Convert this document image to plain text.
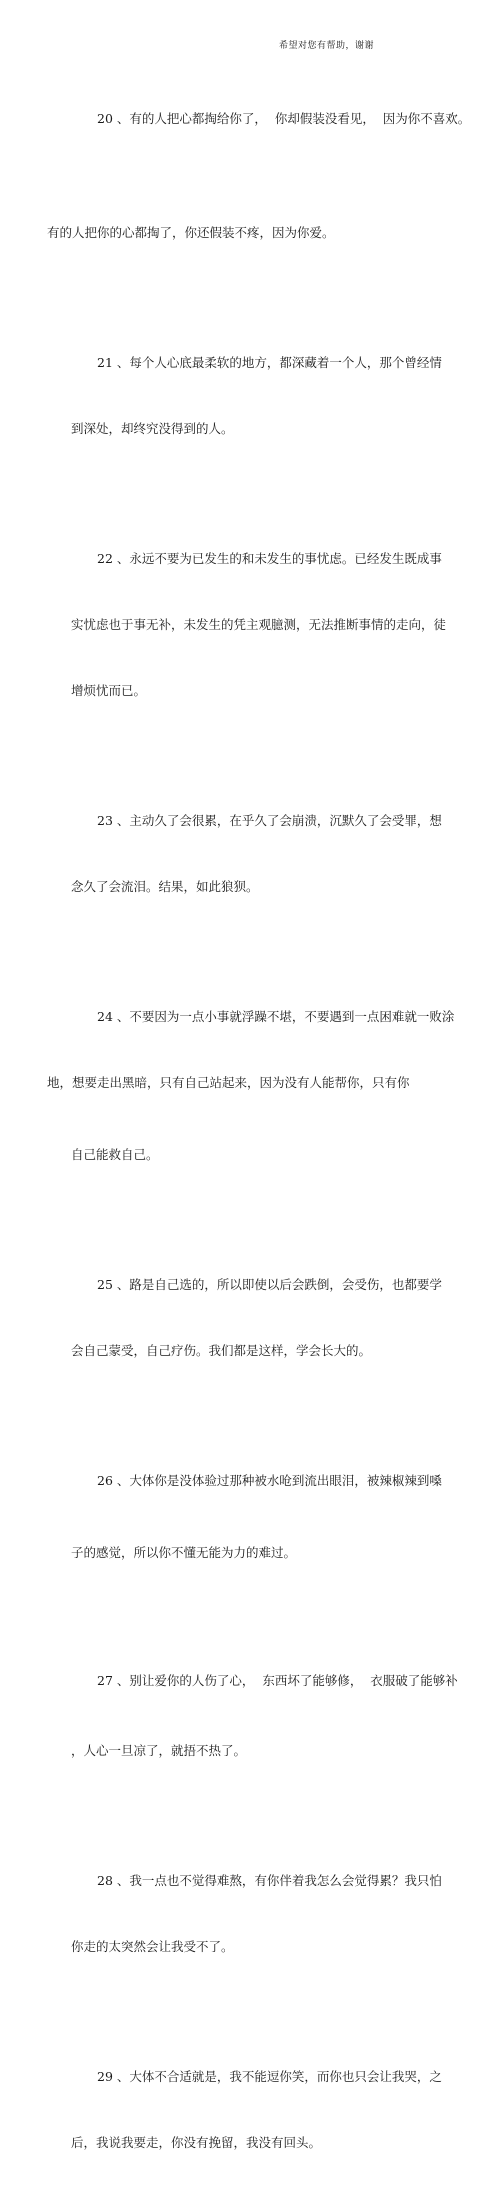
希望对您有帮助，谢谢

20 、有的人把心都掏给你了，  你却假装没看见，  因为你不喜欢。

有的人把你的心都掏了，你还假装不疼，因为你爱。

21 、每个人心底最柔软的地方，都深藏着一个人，那个曾经情

到深处，却终究没得到的人。

22 、永远不要为已发生的和未发生的事忧虑。已经发生既成事

实忧虑也于事无补，未发生的凭主观臆测，无法推断事情的走向，徒

增烦忧而已。

23 、主动久了会很累，在乎久了会崩溃，沉默久了会受罪，想

念久了会流泪。结果，如此狼狈。

24 、不要因为一点小事就浮躁不堪，不要遇到一点困难就一败涂

地，想要走出黑暗，只有自己站起来，因为没有人能帮你，只有你

自己能救自己。

25 、路是自己选的，所以即使以后会跌倒，会受伤，也都要学

会自己蒙受，自己疗伤。我们都是这样，学会长大的。

26 、大体你是没体验过那种被水呛到流出眼泪，被辣椒辣到嗓

子的感觉，所以你不懂无能为力的难过。

27 、别让爱你的人伤了心，  东西坏了能够修，  衣服破了能够补

，人心一旦凉了，就捂不热了。

28 、我一点也不觉得难熬，有你伴着我怎么会觉得累？我只怕

你走的太突然会让我受不了。

29 、大体不合适就是，我不能逗你笑，而你也只会让我哭，之

后，我说我要走，你没有挽留，我没有回头。
